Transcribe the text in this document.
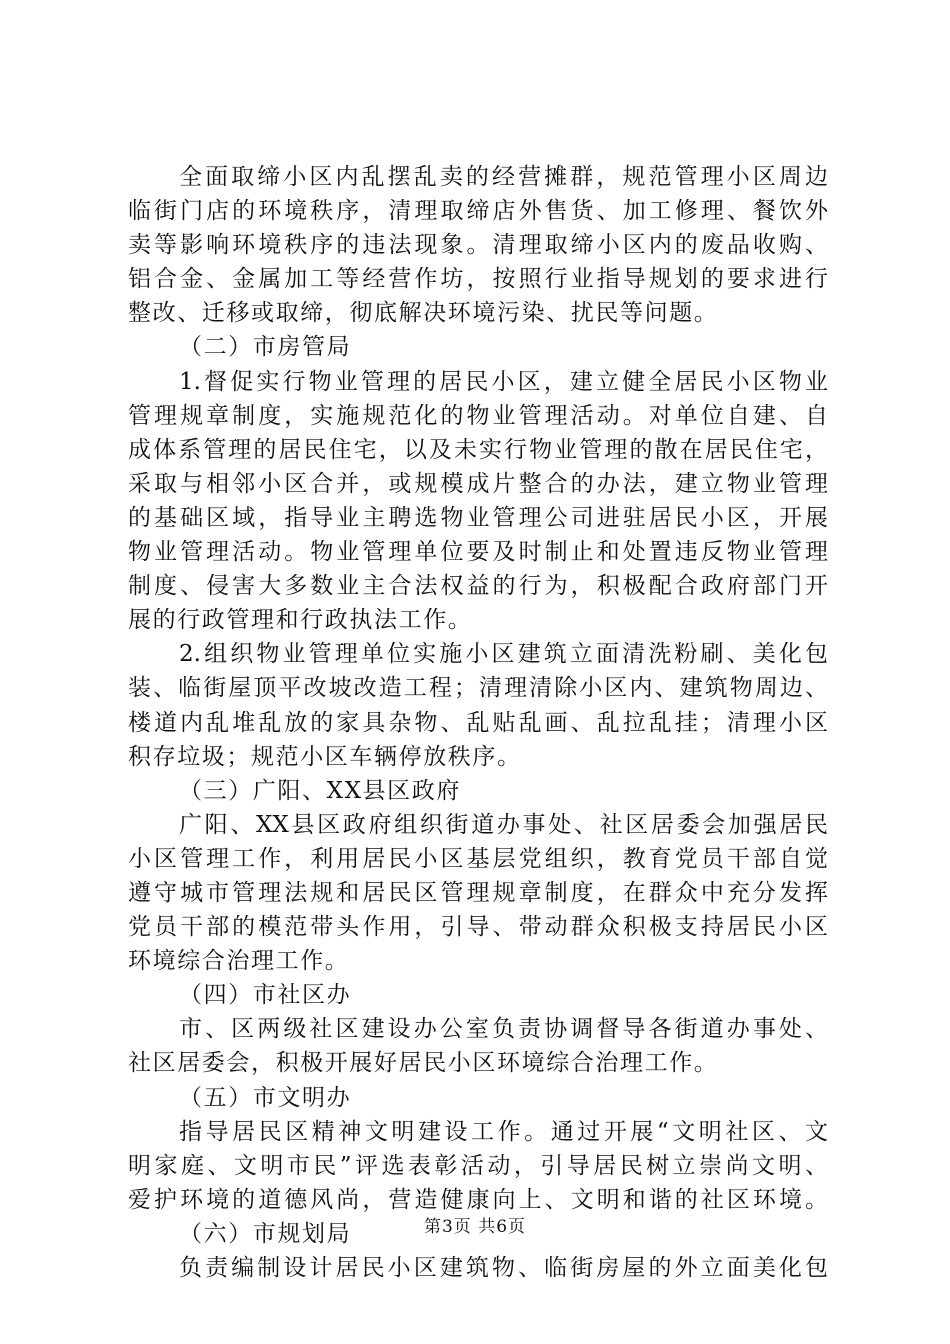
全面取缔小区内乱摆乱卖的经营摊群，规范管理小区周边
临街门店的环境秩序，清理取缔店外售货、加工修理、餐饮外
卖等影响环境秩序的违法现象。清理取缔小区内的废品收购、
铝合金、金属加工等经营作坊，按照行业指导规划的要求进行
整改、迁移或取缔，彻底解决环境污染、扰民等问题。
（二）市房管局
1.督促实行物业管理的居民小区，建立健全居民小区物业
管理规章制度，实施规范化的物业管理活动。对单位自建、自
成体系管理的居民住宅，以及未实行物业管理的散在居民住宅，
采取与相邻小区合并，或规模成片整合的办法，建立物业管理
的基础区域，指导业主聘选物业管理公司进驻居民小区，开展
物业管理活动。物业管理单位要及时制止和处置违反物业管理
制度、侵害大多数业主合法权益的行为，积极配合政府部门开
展的行政管理和行政执法工作。
2.组织物业管理单位实施小区建筑立面清洗粉刷、美化包
装、临街屋顶平改坡改造工程；清理清除小区内、建筑物周边、
楼道内乱堆乱放的家具杂物、乱贴乱画、乱拉乱挂；清理小区
积存垃圾；规范小区车辆停放秩序。
（三）广阳、XX县区政府
广阳、XX县区政府组织街道办事处、社区居委会加强居民
小区管理工作，利用居民小区基层党组织，教育党员干部自觉
遵守城市管理法规和居民区管理规章制度，在群众中充分发挥
党员干部的模范带头作用，引导、带动群众积极支持居民小区
环境综合治理工作。
（四）市社区办
市、区两级社区建设办公室负责协调督导各街道办事处、
社区居委会，积极开展好居民小区环境综合治理工作。
（五）市文明办
指导居民区精神文明建设工作。通过开展“文明社区、文
明家庭、文明市民”评选表彰活动，引导居民树立崇尚文明、
爱护环境的道德风尚，营造健康向上、文明和谐的社区环境。
（六）市规划局
负责编制设计居民小区建筑物、临街房屋的外立面美化包
第3页 共6页
